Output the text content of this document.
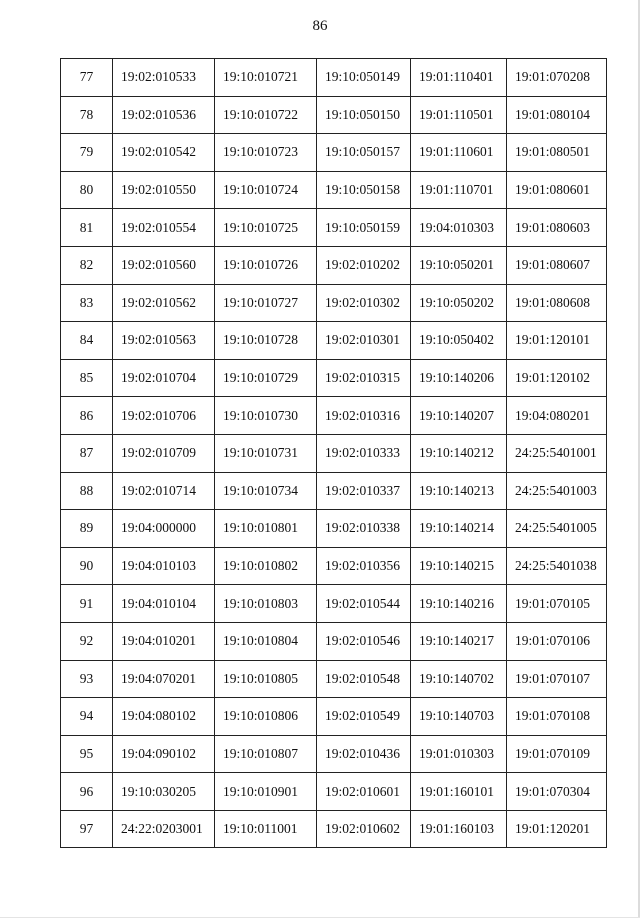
86
77	19:02:010533	19:10:010721	19:10:050149	19:01:110401	19:01:070208
78	19:02:010536	19:10:010722	19:10:050150	19:01:110501	19:01:080104
79	19:02:010542	19:10:010723	19:10:050157	19:01:110601	19:01:080501
80	19:02:010550	19:10:010724	19:10:050158	19:01:110701	19:01:080601
81	19:02:010554	19:10:010725	19:10:050159	19:04:010303	19:01:080603
82	19:02:010560	19:10:010726	19:02:010202	19:10:050201	19:01:080607
83	19:02:010562	19:10:010727	19:02:010302	19:10:050202	19:01:080608
84	19:02:010563	19:10:010728	19:02:010301	19:10:050402	19:01:120101
85	19:02:010704	19:10:010729	19:02:010315	19:10:140206	19:01:120102
86	19:02:010706	19:10:010730	19:02:010316	19:10:140207	19:04:080201
87	19:02:010709	19:10:010731	19:02:010333	19:10:140212	24:25:5401001
88	19:02:010714	19:10:010734	19:02:010337	19:10:140213	24:25:5401003
89	19:04:000000	19:10:010801	19:02:010338	19:10:140214	24:25:5401005
90	19:04:010103	19:10:010802	19:02:010356	19:10:140215	24:25:5401038
91	19:04:010104	19:10:010803	19:02:010544	19:10:140216	19:01:070105
92	19:04:010201	19:10:010804	19:02:010546	19:10:140217	19:01:070106
93	19:04:070201	19:10:010805	19:02:010548	19:10:140702	19:01:070107
94	19:04:080102	19:10:010806	19:02:010549	19:10:140703	19:01:070108
95	19:04:090102	19:10:010807	19:02:010436	19:01:010303	19:01:070109
96	19:10:030205	19:10:010901	19:02:010601	19:01:160101	19:01:070304
97	24:22:0203001	19:10:011001	19:02:010602	19:01:160103	19:01:120201
